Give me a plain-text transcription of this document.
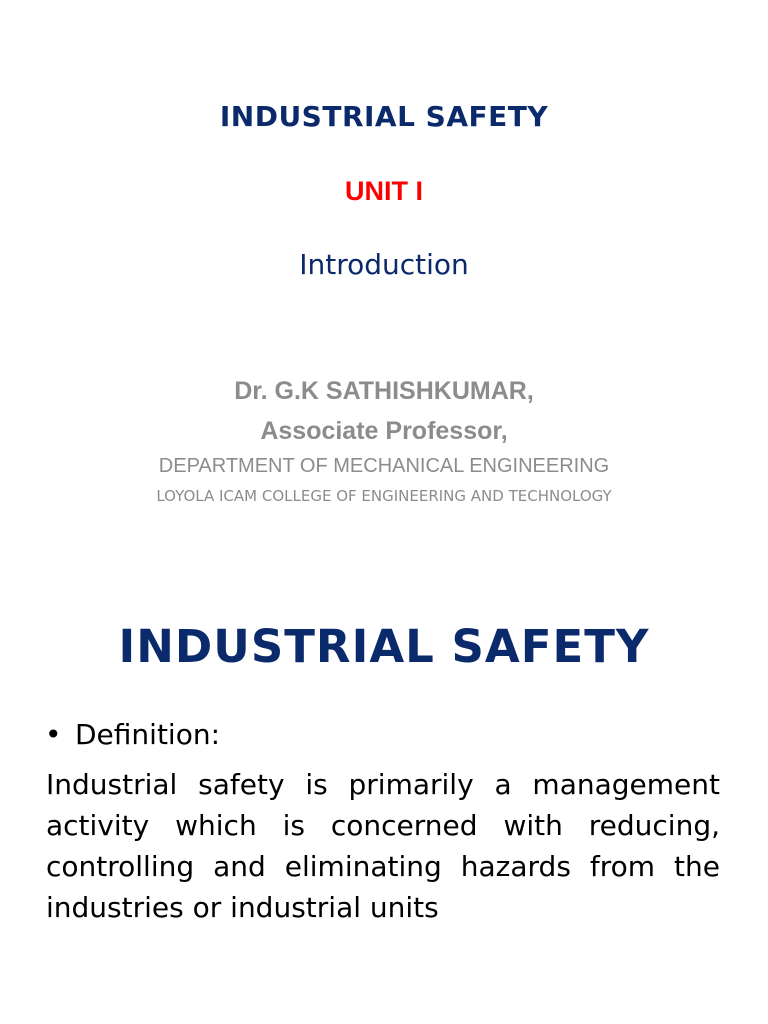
INDUSTRIAL SAFETY
UNIT I
Introduction
Dr. G.K SATHISHKUMAR,
Associate Professor,
DEPARTMENT OF MECHANICAL ENGINEERING
LOYOLA ICAM COLLEGE OF ENGINEERING AND TECHNOLOGY
INDUSTRIAL SAFETY
• Definition:
Industrial safety is primarily a management activity which is concerned with reducing, controlling and eliminating hazards from the industries or industrial units
